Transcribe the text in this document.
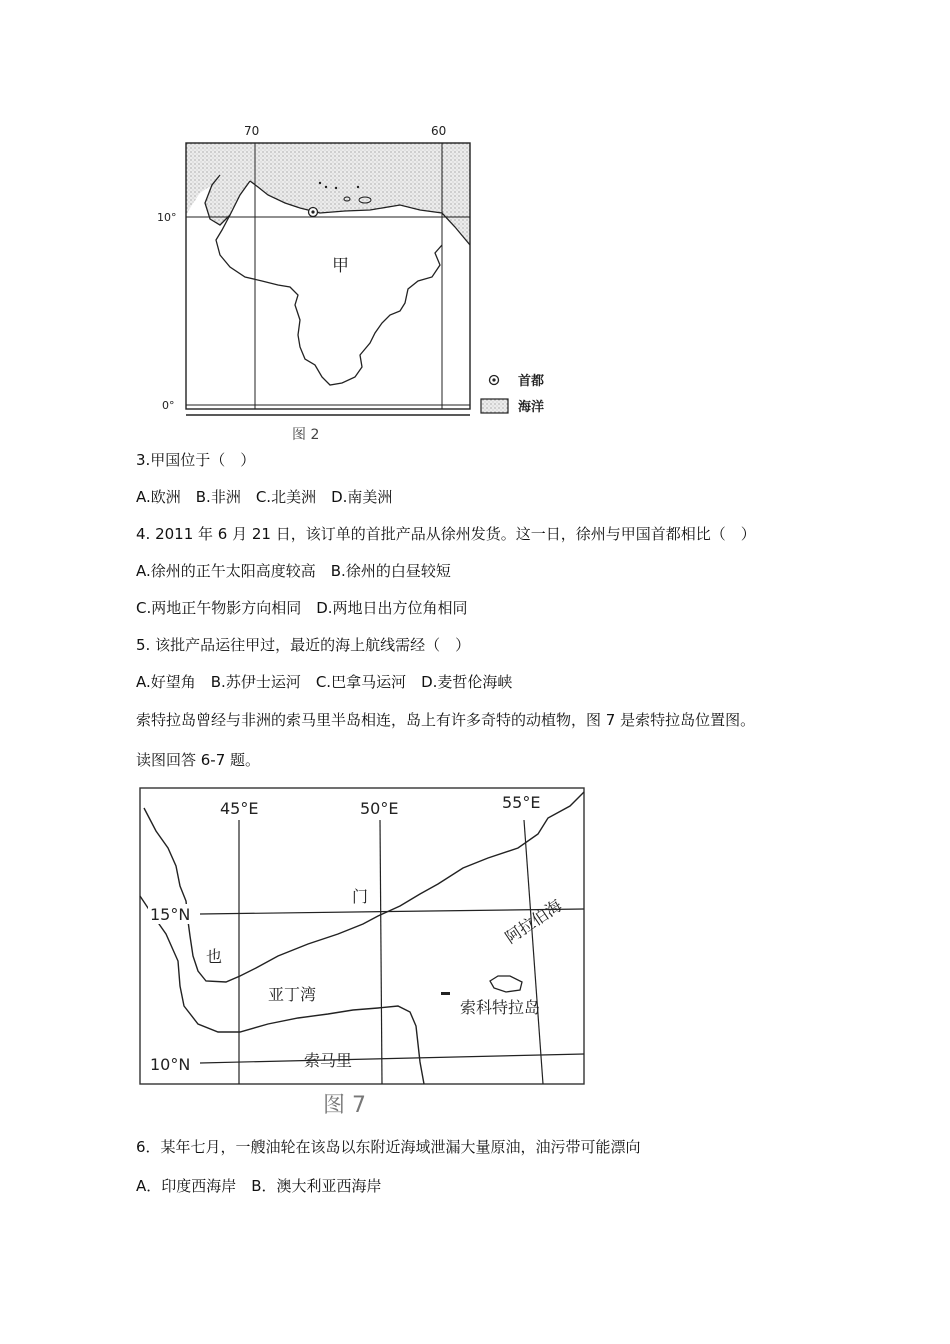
70	60
10°
0°
甲
首都
海洋
图 2
3.甲国位于（　）
A.欧洲　B.非洲　C.北美洲　D.南美洲
4. 2011 年 6 月 21 日，该订单的首批产品从徐州发货。这一日，徐州与甲国首都相比（　）
A.徐州的正午太阳高度较高　B.徐州的白昼较短
C.两地正午物影方向相同　D.两地日出方位角相同
5. 该批产品运往甲过，最近的海上航线需经（　）
A.好望角　B.苏伊士运河　C.巴拿马运河　D.麦哲伦海峡
索特拉岛曾经与非洲的索马里半岛相连，岛上有许多奇特的动植物，图 7 是索特拉岛位置图。
读图回答 6-7 题。
45°E	50°E	55°E
15°N
10°N
门
也
亚丁湾
阿拉伯海
索科特拉岛
索马里
图 7
6．某年七月，一艘油轮在该岛以东附近海域泄漏大量原油，油污带可能漂向
A．印度西海岸　B．澳大利亚西海岸
